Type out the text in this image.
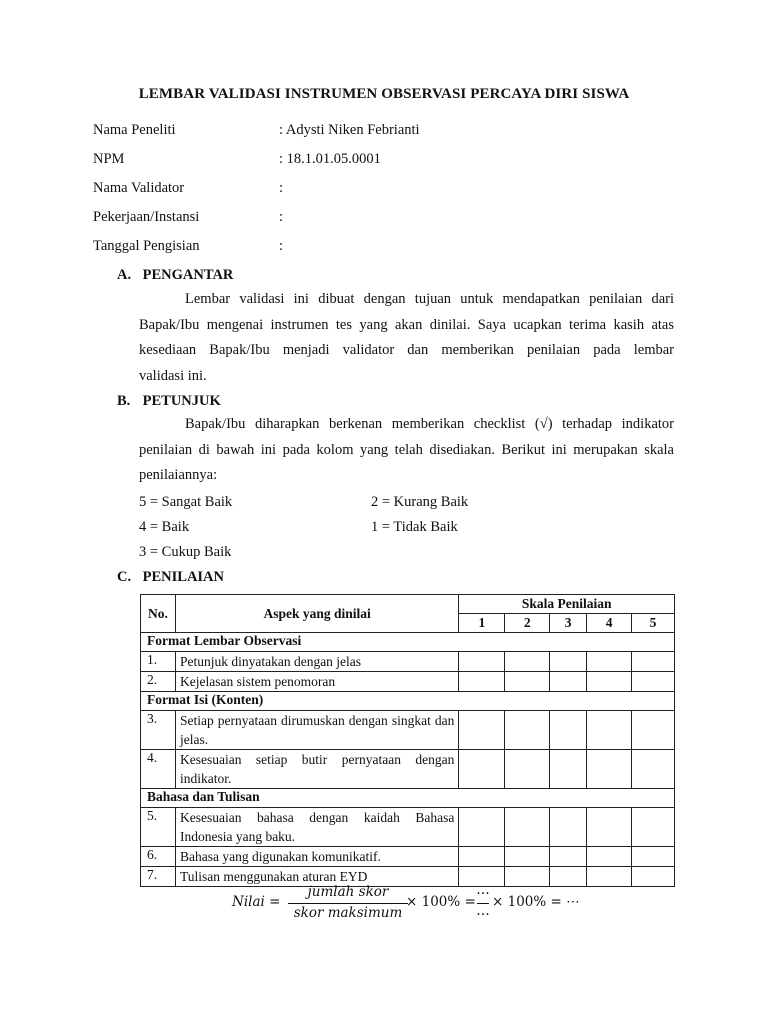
LEMBAR VALIDASI INSTRUMEN OBSERVASI PERCAYA DIRI SISWA
Nama Peneliti	: Adysti Niken Febrianti
NPM	: 18.1.01.05.0001
Nama Validator	:
Pekerjaan/Instansi	:
Tanggal Pengisian	:
A. PENGANTAR
Lembar validasi ini dibuat dengan tujuan untuk mendapatkan penilaian dari
Bapak/Ibu mengenai instrumen tes yang akan dinilai. Saya ucapkan terima kasih atas
kesediaan Bapak/Ibu menjadi validator dan memberikan penilaian pada lembar
validasi ini.
B. PETUNJUK
Bapak/Ibu diharapkan berkenan memberikan checklist (√) terhadap indikator
penilaian di bawah ini pada kolom yang telah disediakan. Berikut ini merupakan skala
penilaiannya:
5 = Sangat Baik	2 = Kurang Baik
4 = Baik	1 = Tidak Baik
3 = Cukup Baik
C. PENILAIAN
No.	Aspek yang dinilai	Skala Penilaian				
		1	2	3	4	5
Format Lembar Observasi						
1.	Petunjuk dinyatakan dengan jelas					
2.	Kejelasan sistem penomoran					
Format Isi (Konten)						
3.	Setiap pernyataan dirumuskan dengan singkat dan jelas.					
4.	Kesesuaian setiap butir pernyataan dengan indikator.					
Bahasa dan Tulisan						
5.	Kesesuaian bahasa dengan kaidah Bahasa Indonesia yang baku.					
6.	Bahasa yang digunakan komunikatif.					
7.	Tulisan menggunakan aturan EYD					
Nilai =
jumlah skor
skor maksimum
× 100% =
…
…
× 100% = ⋯
